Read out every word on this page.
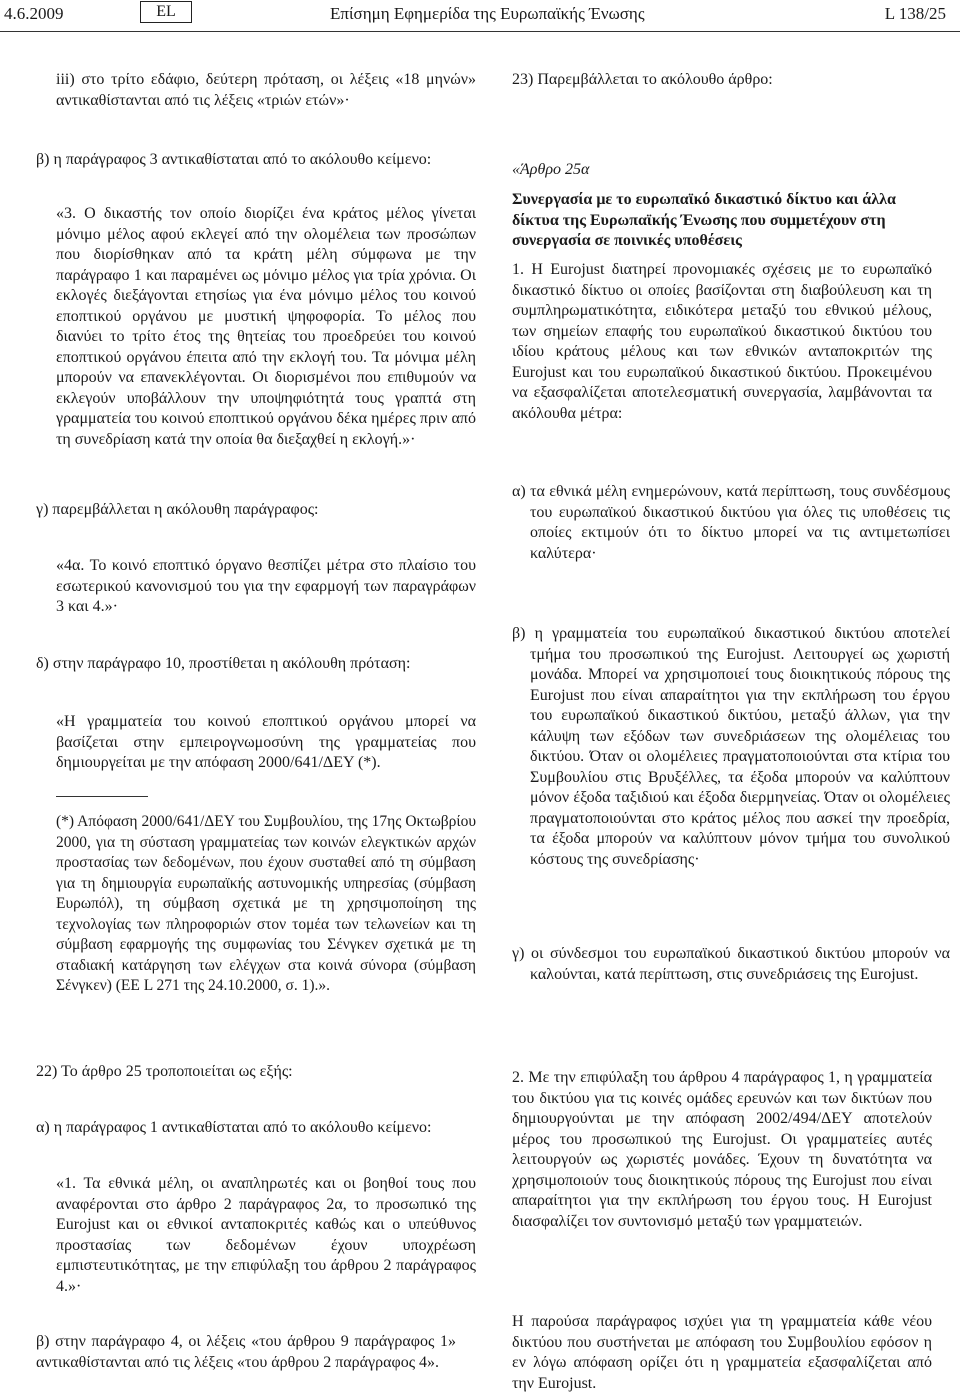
4.6.2009	EL	Επίσημη Εφημερίδα της Ευρωπαϊκής Ένωσης	L 138/25
iii) στο τρίτο εδάφιο, δεύτερη πρόταση, οι λέξεις «18 μηνών» αντικαθίστανται από τις λέξεις «τριών ετών»·
β) η παράγραφος 3 αντικαθίσταται από το ακόλουθο κείμενο:
«3. Ο δικαστής τον οποίο διορίζει ένα κράτος μέλος γίνεται μόνιμο μέλος αφού εκλεγεί από την ολομέλεια των προσώπων που διορίσθηκαν από τα κράτη μέλη σύμφωνα με την παράγραφο 1 και παραμένει ως μόνιμο μέλος για τρία χρόνια. Οι εκλογές διεξάγονται ετησίως για ένα μόνιμο μέλος του κοινού εποπτικού οργάνου με μυστική ψηφοφορία. Το μέλος που διανύει το τρίτο έτος της θητείας του προεδρεύει του κοινού εποπτικού οργάνου έπειτα από την εκλογή του. Τα μόνιμα μέλη μπορούν να επανεκλέγονται. Οι διορισμένοι που επιθυμούν να εκλεγούν υποβάλλουν την υποψηφιότητά τους γραπτά στη γραμματεία του κοινού εποπτικού οργάνου δέκα ημέρες πριν από τη συνεδρίαση κατά την οποία θα διεξαχθεί η εκλογή.»·
γ) παρεμβάλλεται η ακόλουθη παράγραφος:
«4α. Το κοινό εποπτικό όργανο θεσπίζει μέτρα στο πλαίσιο του εσωτερικού κανονισμού του για την εφαρμογή των παραγράφων 3 και 4.»·
δ) στην παράγραφο 10, προστίθεται η ακόλουθη πρόταση:
«Η γραμματεία του κοινού εποπτικού οργάνου μπορεί να βασίζεται στην εμπειρογνωμοσύνη της γραμματείας που δημιουργείται με την απόφαση 2000/641/ΔΕΥ (*).
(*) Απόφαση 2000/641/ΔΕΥ του Συμβουλίου, της 17ης Οκτωβρίου 2000, για τη σύσταση γραμματείας των κοινών ελεγκτικών αρχών προστασίας των δεδομένων, που έχουν συσταθεί από τη σύμβαση για τη δημιουργία ευρωπαϊκής αστυνομικής υπηρεσίας (σύμβαση Ευρωπόλ), τη σύμβαση σχετικά με τη χρησιμοποίηση της τεχνολογίας των πληροφοριών στον τομέα των τελωνείων και τη σύμβαση εφαρμογής της συμφωνίας του Σένγκεν σχετικά με τη σταδιακή κατάργηση των ελέγχων στα κοινά σύνορα (σύμβαση Σένγκεν) (ΕΕ L 271 της 24.10.2000, σ. 1).».
22) Το άρθρο 25 τροποποιείται ως εξής:
α) η παράγραφος 1 αντικαθίσταται από το ακόλουθο κείμενο:
«1. Τα εθνικά μέλη, οι αναπληρωτές και οι βοηθοί τους που αναφέρονται στο άρθρο 2 παράγραφος 2α, το προσωπικό της Eurojust και οι εθνικοί ανταποκριτές καθώς και ο υπεύθυνος προστασίας των δεδομένων έχουν υποχρέωση εμπιστευτικότητας, με την επιφύλαξη του άρθρου 2 παράγραφος 4.»·
β) στην παράγραφο 4, οι λέξεις «του άρθρου 9 παράγραφος 1» αντικαθίστανται από τις λέξεις «του άρθρου 2 παράγραφος 4».
23) Παρεμβάλλεται το ακόλουθο άρθρο:
«Άρθρο 25α
Συνεργασία με το ευρωπαϊκό δικαστικό δίκτυο και άλλα δίκτυα της Ευρωπαϊκής Ένωσης που συμμετέχουν στη συνεργασία σε ποινικές υποθέσεις
1. Η Eurojust διατηρεί προνομιακές σχέσεις με το ευρωπαϊκό δικαστικό δίκτυο οι οποίες βασίζονται στη διαβούλευση και τη συμπληρωματικότητα, ειδικότερα μεταξύ του εθνικού μέλους, των σημείων επαφής του ευρωπαϊκού δικαστικού δικτύου του ιδίου κράτους μέλους και των εθνικών ανταποκριτών της Eurojust και του ευρωπαϊκού δικαστικού δικτύου. Προκειμένου να εξασφαλίζεται αποτελεσματική συνεργασία, λαμβάνονται τα ακόλουθα μέτρα:
α) τα εθνικά μέλη ενημερώνουν, κατά περίπτωση, τους συνδέσμους του ευρωπαϊκού δικαστικού δικτύου για όλες τις υποθέσεις τις οποίες εκτιμούν ότι το δίκτυο μπορεί να τις αντιμετωπίσει καλύτερα·
β) η γραμματεία του ευρωπαϊκού δικαστικού δικτύου αποτελεί τμήμα του προσωπικού της Eurojust. Λειτουργεί ως χωριστή μονάδα. Μπορεί να χρησιμοποιεί τους διοικητικούς πόρους της Eurojust που είναι απαραίτητοι για την εκπλήρωση του έργου του ευρωπαϊκού δικαστικού δικτύου, μεταξύ άλλων, για την κάλυψη των εξόδων των συνεδριάσεων της ολομέλειας του δικτύου. Όταν οι ολομέλειες πραγματοποιούνται στα κτίρια του Συμβουλίου στις Βρυξέλλες, τα έξοδα μπορούν να καλύπτουν μόνον έξοδα ταξιδιού και έξοδα διερμηνείας. Όταν οι ολομέλειες πραγματοποιούνται στο κράτος μέλος που ασκεί την προεδρία, τα έξοδα μπορούν να καλύπτουν μόνον τμήμα του συνολικού κόστους της συνεδρίασης·
γ) οι σύνδεσμοι του ευρωπαϊκού δικαστικού δικτύου μπορούν να καλούνται, κατά περίπτωση, στις συνεδριάσεις της Eurojust.
2. Με την επιφύλαξη του άρθρου 4 παράγραφος 1, η γραμματεία του δικτύου για τις κοινές ομάδες ερευνών και των δικτύων που δημιουργούνται με την απόφαση 2002/494/ΔΕΥ αποτελούν μέρος του προσωπικού της Eurojust. Οι γραμματείες αυτές λειτουργούν ως χωριστές μονάδες. Έχουν τη δυνατότητα να χρησιμοποιούν τους διοικητικούς πόρους της Eurojust που είναι απαραίτητοι για την εκπλήρωση του έργου τους. Η Eurojust διασφαλίζει τον συντονισμό μεταξύ των γραμματειών.
Η παρούσα παράγραφος ισχύει για τη γραμματεία κάθε νέου δικτύου που συστήνεται με απόφαση του Συμβουλίου εφόσον η εν λόγω απόφαση ορίζει ότι η γραμματεία εξασφαλίζεται από την Eurojust.
